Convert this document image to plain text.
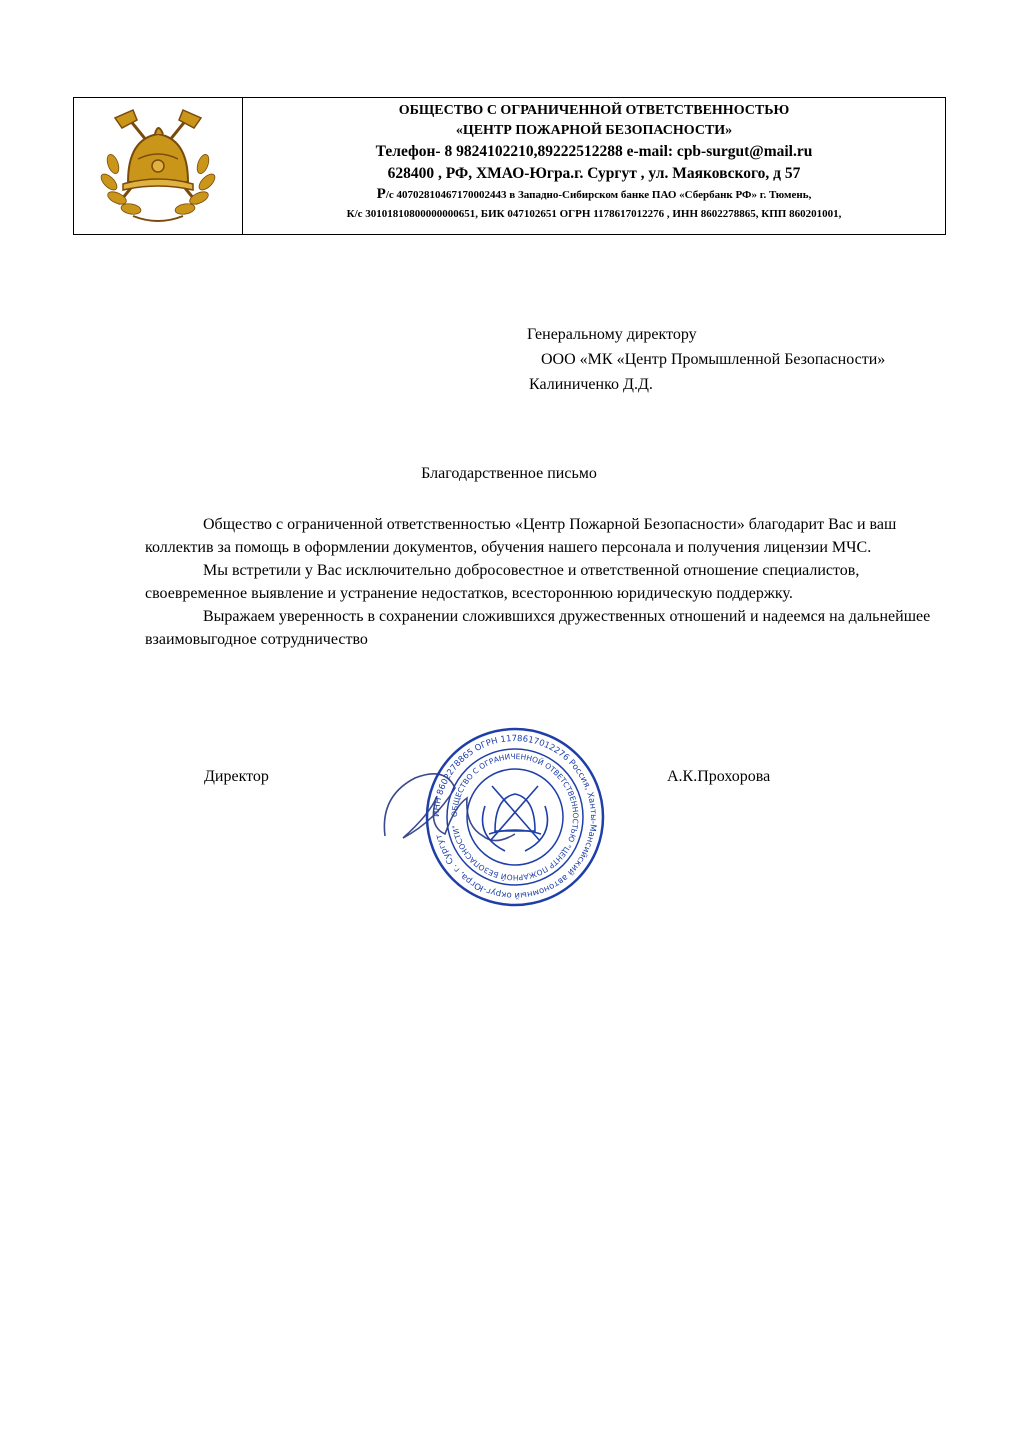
ОБЩЕСТВО С ОГРАНИЧЕННОЙ ОТВЕТСТВЕННОСТЬЮ
«ЦЕНТР ПОЖАРНОЙ БЕЗОПАСНОСТИ»
Телефон- 8 9824102210,89222512288 e-mail: cpb-surgut@mail.ru
628400 , РФ, ХМАО-Югра.г. Сургут , ул. Маяковского, д 57
Р/с 40702810467170002443 в Западно-Сибирском банке ПАО «Сбербанк РФ» г. Тюмень,
К/с 30101810800000000651, БИК 047102651 ОГРН 1178617012276 , ИНН 8602278865, КПП 860201001,
Генеральному директору
ООО «МК «Центр Промышленной Безопасности»
Калиниченко Д.Д.
Благодарственное письмо

Общество с ограниченной ответственностью «Центр Пожарной Безопасности» благодарит Вас и ваш коллектив за помощь в оформлении документов, обучения нашего персонала и получения лицензии МЧС.

Мы встретили у Вас исключительно добросовестное и ответственной отношение специалистов, своевременное выявление и устранение недостатков, всестороннюю юридическую поддержку.

Выражаем уверенность в сохранении сложившихся дружественных отношений и надеемся на дальнейшее взаимовыгодное сотрудничество

Директор	А.К.Прохорова
ИНН 8602278865 ОГРН 1178617012276 Россия, Ханты-Мансийский автономный округ-Югра, г. Сургут
ОБЩЕСТВО С ОГРАНИЧЕННОЙ ОТВЕТСТВЕННОСТЬЮ "ЦЕНТР ПОЖАРНОЙ БЕЗОПАСНОСТИ"
